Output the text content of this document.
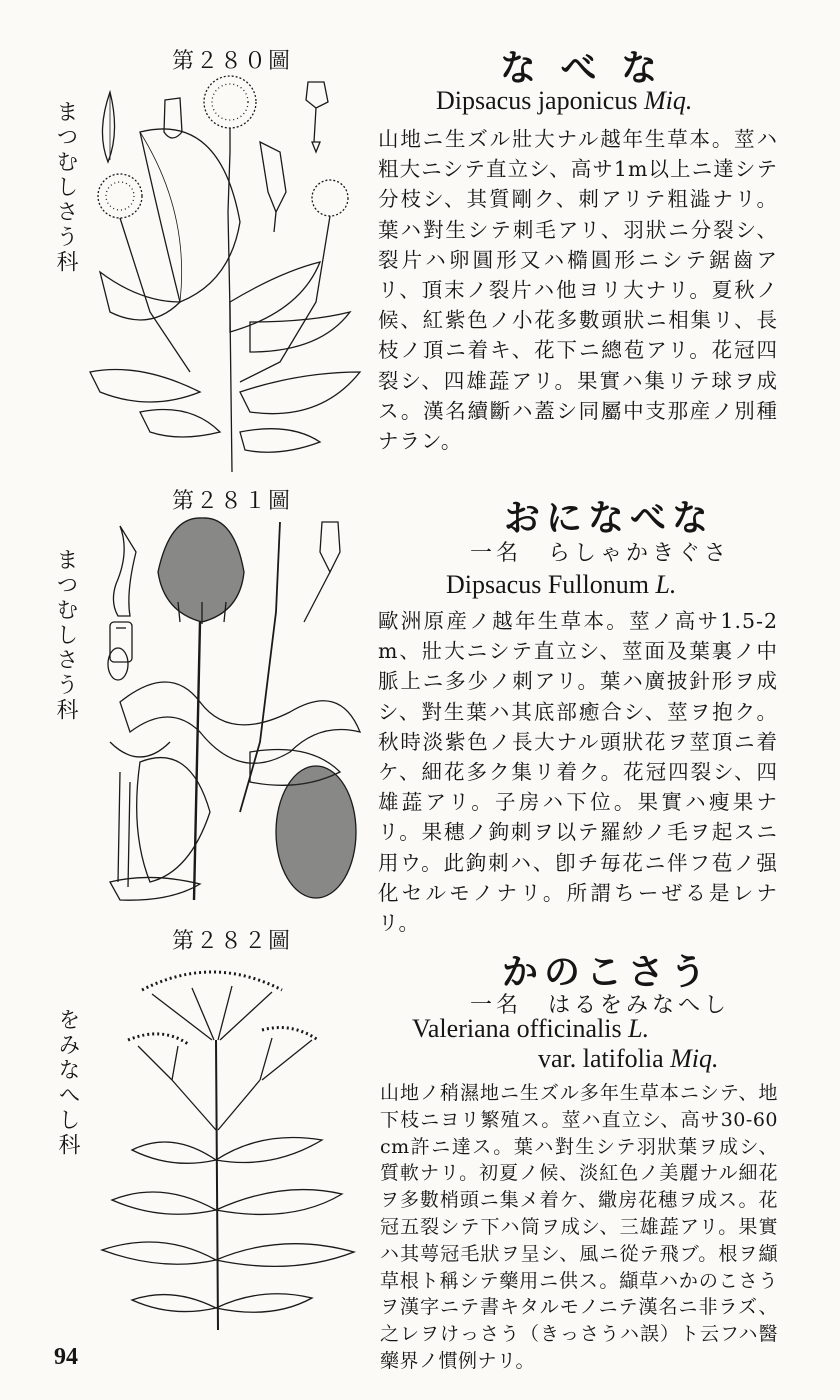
第２８０圖
まつむしさう科
な べ な
Dipsacus japonicus Miq.
山地ニ生ズル壯大ナル越年生草本。莖ハ粗大ニシテ直立シ、高サ1m以上ニ達シテ分枝シ、其質剛ク、刺アリテ粗澁ナリ。葉ハ對生シテ刺毛アリ、羽狀ニ分裂シ、裂片ハ卵圓形又ハ橢圓形ニシテ鋸齒アリ、頂末ノ裂片ハ他ヨリ大ナリ。夏秋ノ候、紅紫色ノ小花多數頭狀ニ相集リ、長枝ノ頂ニ着キ、花下ニ總苞アリ。花冠四裂シ、四雄蕋アリ。果實ハ集リテ球ヲ成ス。漢名續斷ハ蓋シ同屬中支那産ノ別種ナラン。
第２８１圖
まつむしさう科
おになべな
一名　らしゃかきぐさ
Dipsacus Fullonum L.
歐洲原産ノ越年生草本。莖ノ高サ1.5-2m、壯大ニシテ直立シ、莖面及葉裏ノ中脈上ニ多少ノ刺アリ。葉ハ廣披針形ヲ成シ、對生葉ハ其底部癒合シ、莖ヲ抱ク。秋時淡紫色ノ長大ナル頭狀花ヲ莖頂ニ着ケ、細花多ク集リ着ク。花冠四裂シ、四雄蕋アリ。子房ハ下位。果實ハ瘦果ナリ。果穗ノ鉤刺ヲ以テ羅紗ノ毛ヲ起スニ用ウ。此鉤刺ハ、卽チ毎花ニ伴フ苞ノ强化セルモノナリ。所謂ちーぜる是レナリ。
第２８２圖
をみなへし科
かのこさう
一名　はるをみなへし
Valeriana officinalis L.
var. latifolia Miq.
山地ノ稍濕地ニ生ズル多年生草本ニシテ、地下枝ニヨリ繁殖ス。莖ハ直立シ、高サ30-60cm許ニ達ス。葉ハ對生シテ羽狀葉ヲ成シ、質軟ナリ。初夏ノ候、淡紅色ノ美麗ナル細花ヲ多數梢頭ニ集メ着ケ、繖房花穗ヲ成ス。花冠五裂シテ下ハ筒ヲ成シ、三雄蕋アリ。果實ハ其萼冠毛狀ヲ呈シ、風ニ從テ飛ブ。根ヲ纈草根ト稱シテ藥用ニ供ス。纈草ハかのこさうヲ漢字ニテ書キタルモノニテ漢名ニ非ラズ、之レヲけっさう（きっさうハ誤）ト云フハ醫藥界ノ慣例ナリ。
94
